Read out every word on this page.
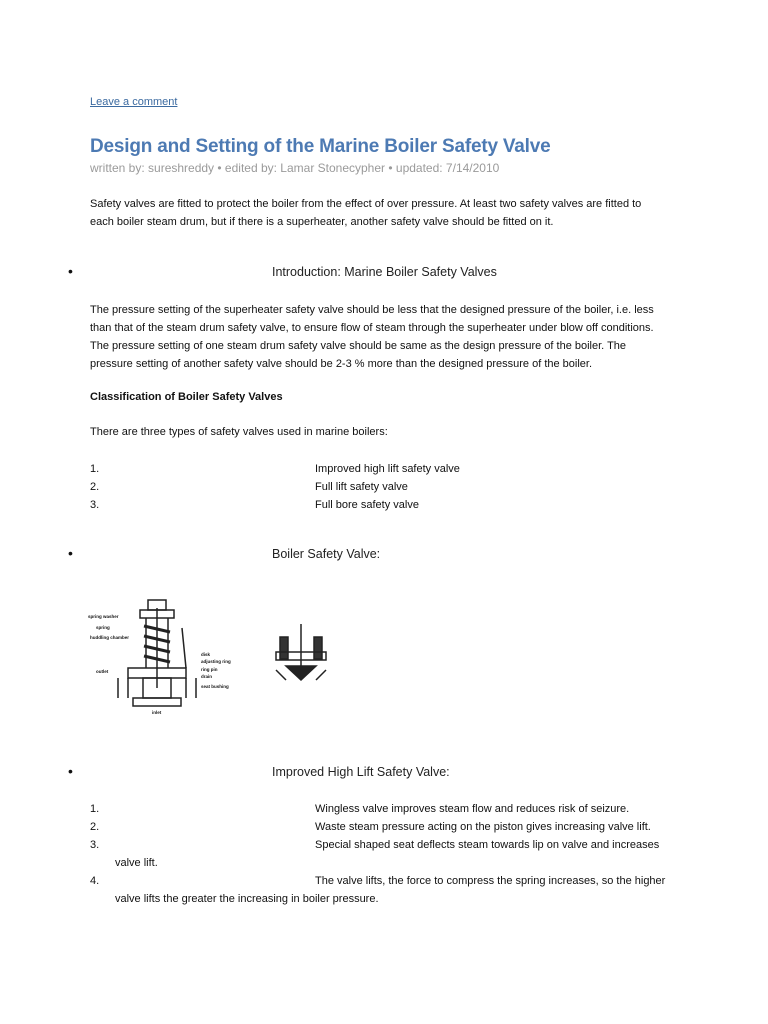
Leave a comment
Design and Setting of the Marine Boiler Safety Valve
written by: sureshreddy • edited by: Lamar Stonecypher • updated: 7/14/2010
Safety valves are fitted to protect the boiler from the effect of over pressure. At least two safety valves are fitted to
each boiler steam drum, but if there is a superheater, another safety valve should be fitted on it.
•	Introduction: Marine Boiler Safety Valves
The pressure setting of the superheater safety valve should be less that the designed pressure of the boiler, i.e. less
than that of the steam drum safety valve, to ensure flow of steam through the superheater under blow off conditions.
The pressure setting of one steam drum safety valve should be same as the design pressure of the boiler. The
pressure setting of another safety valve should be 2-3 % more than the designed pressure of the boiler.
Classification of Boiler Safety Valves
There are three types of safety valves used in marine boilers:
1.	Improved high lift safety valve
2.	Full lift safety valve
3.	Full bore safety valve
•	Boiler Safety Valve:
spring washer
spring
huddling chamber
outlet
disk
adjusting ring
ring pin
drain
seat bushing
inlet
•	Improved High Lift Safety Valve:
1.	Wingless valve improves steam flow and reduces risk of seizure.
2.	Waste steam pressure acting on the piston gives increasing valve lift.
3.	Special shaped seat deflects steam towards lip on valve and increases
valve lift.
4.	The valve lifts, the force to compress the spring increases, so the higher
valve lifts the greater the increasing in boiler pressure.
